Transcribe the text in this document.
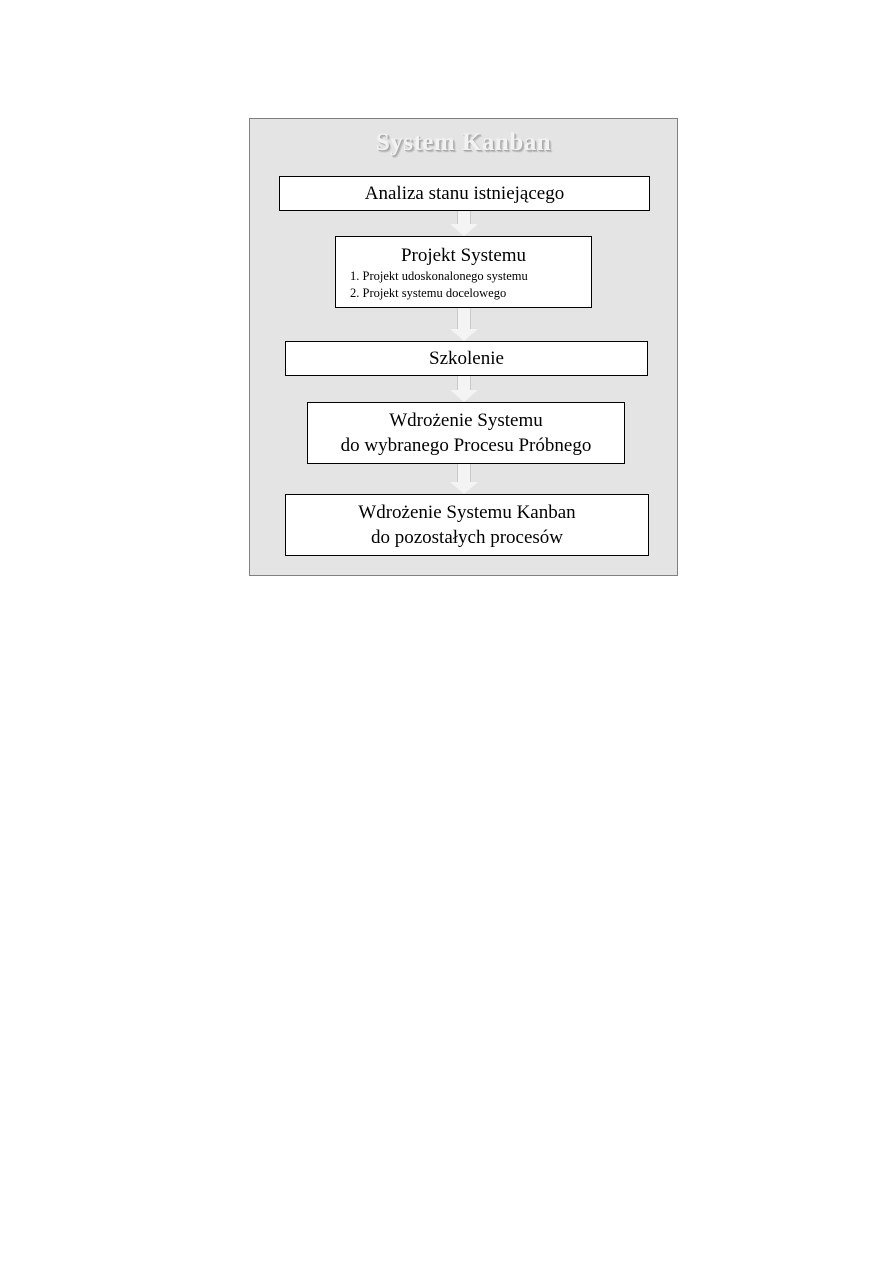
System Kanban
Analiza stanu istniejącego
Projekt Systemu
1. Projekt udoskonalonego systemu
2. Projekt systemu docelowego
Szkolenie
Wdrożenie Systemu
do wybranego Procesu Próbnego
Wdrożenie Systemu Kanban
do pozostałych procesów
